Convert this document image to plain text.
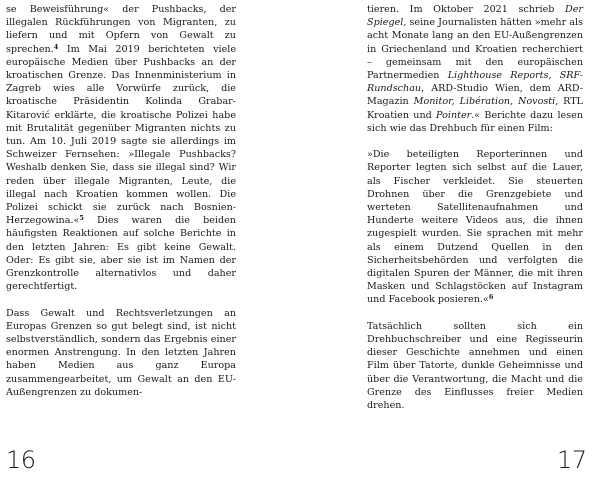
se Beweisführung« der Pushbacks, der illegalen Rückführungen von Migranten, zu liefern und mit Opfern von Gewalt zu sprechen.$^4$ Im Mai 2019 berichteten viele europäische Medien über Pushbacks an der kroatischen Grenze. Das Innenministerium in Zagreb wies alle Vorwürfe zurück, die kroatische Präsidentin Kolinda Grabar-Kitarović erklärte, die kroatische Polizei habe mit Brutalität gegenüber Migranten nichts zu tun. Am 10. Juli 2019 sagte sie allerdings im Schweizer Fernsehen: »Illegale Pushbacks? Weshalb denken Sie, dass sie illegal sind? Wir reden über illegale Migranten, Leute, die illegal nach Kroatien kommen wollen. Die Polizei schickt sie zurück nach Bosnien-Herzegowina.«$^5$ Dies waren die beiden häufigsten Reaktionen auf solche Berichte in den letzten Jahren: Es gibt keine Gewalt. Oder: Es gibt sie, aber sie ist im Namen der Grenzkontrolle alternativlos und daher gerechtfertigt.

Dass Gewalt und Rechtsverletzungen an Europas Grenzen so gut belegt sind, ist nicht selbstverständlich, sondern das Ergebnis einer enormen Anstrengung. In den letzten Jahren haben Medien aus ganz Europa zusammengearbeitet, um Gewalt an den EU-Außengrenzen zu dokumen-

16

tieren. Im Oktober 2021 schrieb Der Spiegel, seine Journalisten hätten »mehr als acht Monate lang an den EU-Außengrenzen in Griechenland und Kroatien recherchiert – gemeinsam mit den europäischen Partnermedien Lighthouse Reports, SRF-Rundschau, ARD-Studio Wien, dem ARD-Magazin Monitor, Libération, Novosti, RTL Kroatien und Pointer.« Berichte dazu lesen sich wie das Drehbuch für einen Film:

»Die beteiligten Reporterinnen und Reporter legten sich selbst auf die Lauer, als Fischer verkleidet. Sie steuerten Drohnen über die Grenzgebiete und werteten Satellitenaufnahmen und Hunderte weitere Videos aus, die ihnen zugespielt wurden. Sie sprachen mit mehr als einem Dutzend Quellen in den Sicherheitsbehörden und verfolgten die digitalen Spuren der Männer, die mit ihren Masken und Schlagstöcken auf Instagram und Facebook posieren.«$^6$

Tatsächlich sollten sich ein Drehbuchschreiber und eine Regisseurin dieser Geschichte annehmen und einen Film über Tatorte, dunkle Geheimnisse und über die Verantwortung, die Macht und die Grenze des Einflusses freier Medien drehen.

17
